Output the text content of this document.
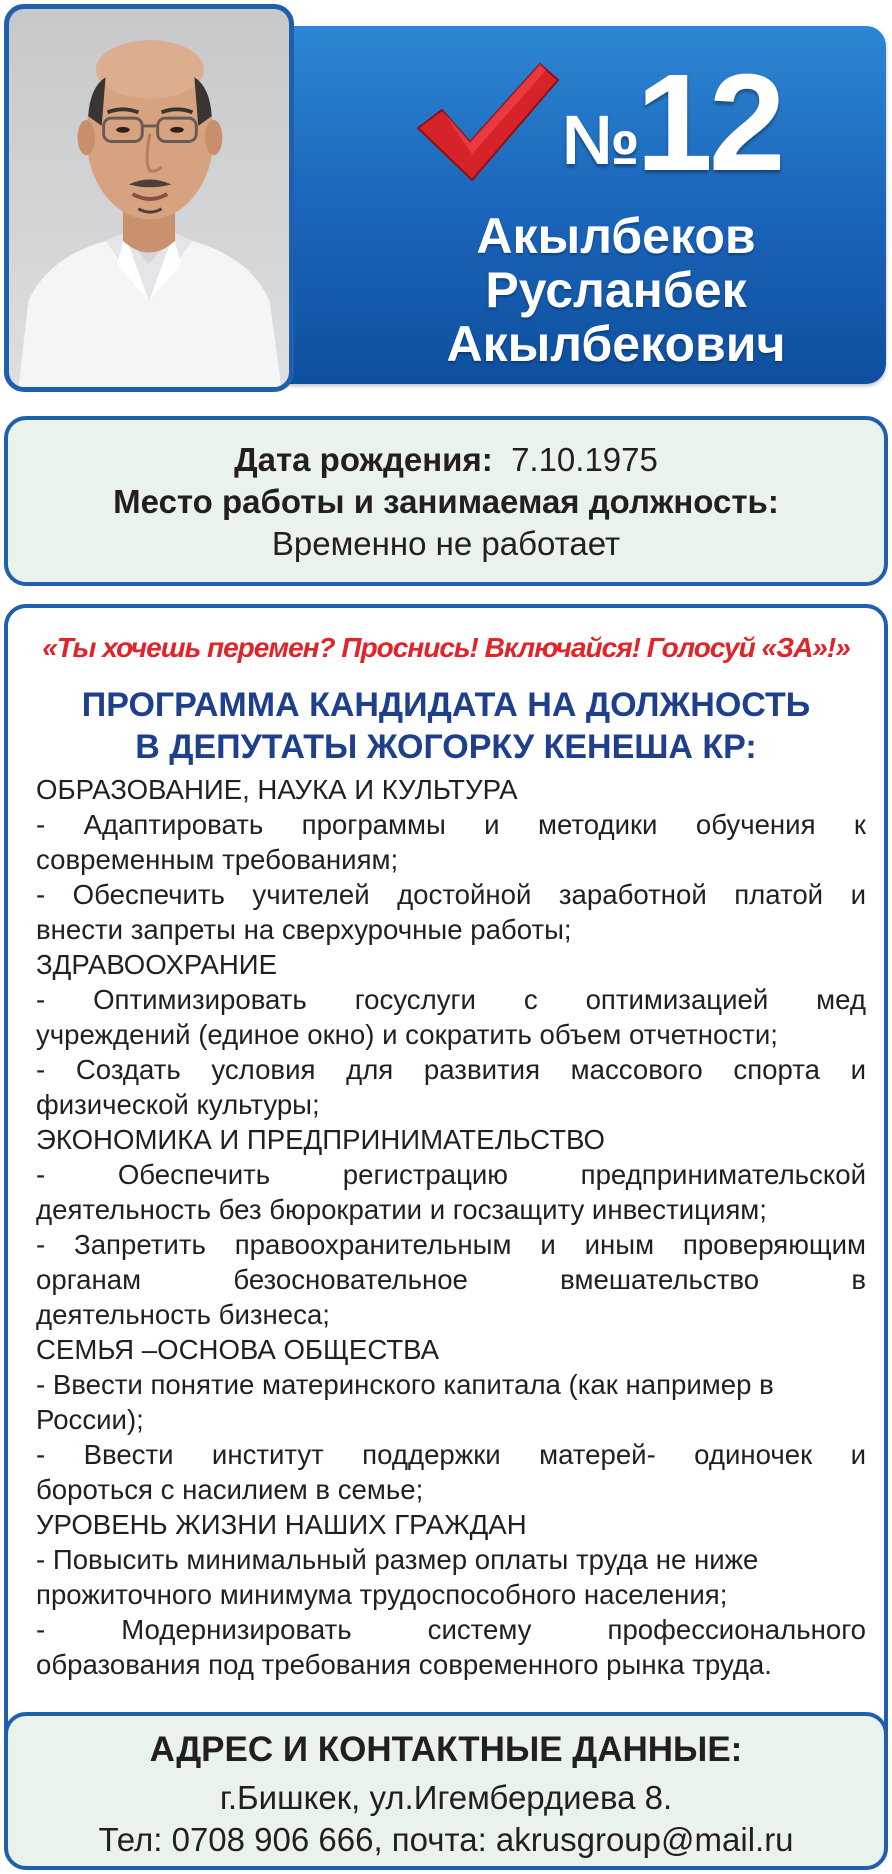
№12
Акылбеков
Русланбек
Акылбекович
Дата рождения: 7.10.1975
Место работы и занимаемая должность:
Временно не работает
«Ты хочешь перемен? Проснись! Включайся! Голосуй «ЗА»!»
ПРОГРАММА КАНДИДАТА НА ДОЛЖНОСТЬ
В ДЕПУТАТЫ ЖОГОРКУ КЕНЕША КР:
ОБРАЗОВАНИЕ, НАУКА И КУЛЬТУРА
- Адаптировать программы и методики обучения к
современным требованиям;
- Обеспечить учителей достойной заработной платой и
внести запреты на сверхурочные работы;
ЗДРАВООХРАНИЕ
- Оптимизировать госуслуги с оптимизацией мед
учреждений (единое окно) и сократить объем отчетности;
- Создать условия для развития массового спорта и
физической культуры;
ЭКОНОМИКА И ПРЕДПРИНИМАТЕЛЬСТВО
- Обеспечить регистрацию предпринимательской
деятельность без бюрократии и госзащиту инвестициям;
- Запретить правоохранительным и иным проверяющим
органам безосновательное вмешательство в
деятельность бизнеса;
СЕМЬЯ –ОСНОВА ОБЩЕСТВА
- Ввести понятие материнского капитала (как например в
России);
- Ввести институт поддержки матерей- одиночек и
бороться с насилием в семье;
УРОВЕНЬ ЖИЗНИ НАШИХ ГРАЖДАН
- Повысить минимальный размер оплаты труда не ниже
прожиточного минимума трудоспособного населения;
- Модернизировать систему профессионального
образования под требования современного рынка труда.
АДРЕС И КОНТАКТНЫЕ ДАННЫЕ:
г.Бишкек, ул.Игембердиева 8.
Тел: 0708 906 666, почта: akrusgroup@mail.ru
